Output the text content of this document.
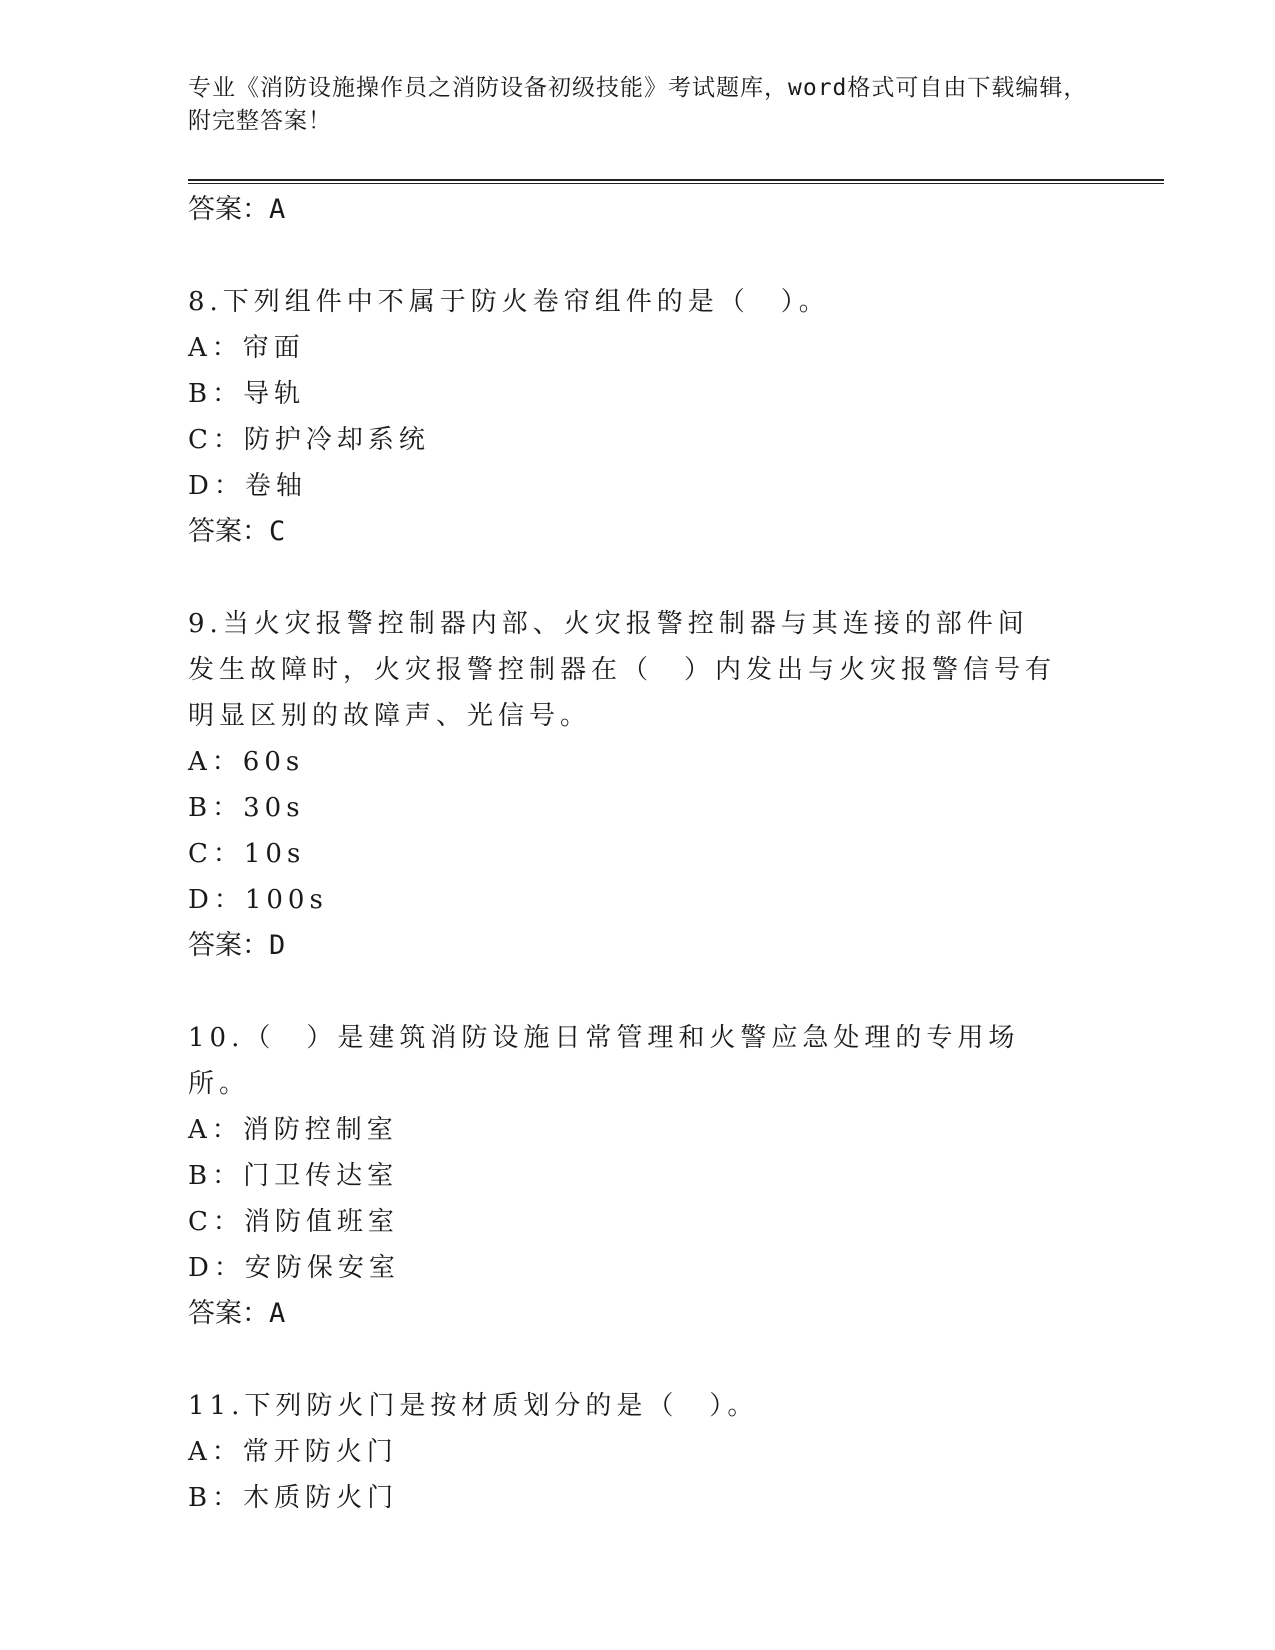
专业《消防设施操作员之消防设备初级技能》考试题库，word格式可自由下载编辑，附完整答案！
答案：A
8.下列组件中不属于防火卷帘组件的是（　）。
A：帘面
B：导轨
C：防护冷却系统
D：卷轴
答案：C
9.当火灾报警控制器内部、火灾报警控制器与其连接的部件间发生故障时，火灾报警控制器在（　）内发出与火灾报警信号有明显区别的故障声、光信号。
A：60s
B：30s
C：10s
D：100s
答案：D
10.（　）是建筑消防设施日常管理和火警应急处理的专用场所。
A：消防控制室
B：门卫传达室
C：消防值班室
D：安防保安室
答案：A
11.下列防火门是按材质划分的是（　）。
A：常开防火门
B：木质防火门
